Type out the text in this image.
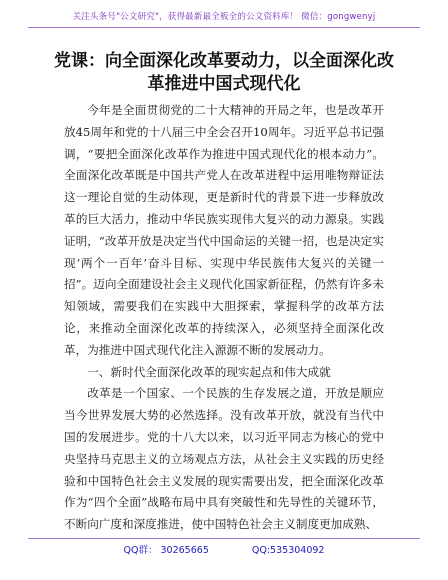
关注头条号"公文研究"，获得最新最全板全的公文资料库！ 微信：gongwenyj
党课：向全面深化改革要动力，以全面深化改
革推进中国式现代化

今年是全面贯彻党的二十大精神的开局之年，也是改革开放45周年和党的十八届三中全会召开10周年。习近平总书记强调，“要把全面深化改革作为推进中国式现代化的根本动力”。全面深化改革既是中国共产党人在改革进程中运用唯物辩证法这一理论自觉的生动体现，更是新时代的背景下进一步释放改革的巨大活力，推动中华民族实现伟大复兴的动力源泉。实践证明，“改革开放是决定当代中国命运的关键一招，也是决定实现‘两个一百年’奋斗目标、实现中华民族伟大复兴的关键一招”。迈向全面建设社会主义现代化国家新征程，仍然有许多未知领域，需要我们在实践中大胆探索，掌握科学的改革方法论，来推动全面深化改革的持续深入，必须坚持全面深化改革，为推进中国式现代化注入源源不断的发展动力。

一、新时代全面深化改革的现实起点和伟大成就

改革是一个国家、一个民族的生存发展之道，开放是顺应当今世界发展大势的必然选择。没有改革开放，就没有当代中国的发展进步。党的十八大以来，以习近平同志为核心的党中央坚持马克思主义的立场观点方法，从社会主义实践的历史经验和中国特色社会主义发展的现实需要出发，把全面深化改革作为“四个全面”战略布局中具有突破性和先导性的关键环节，不断向广度和深度推进，使中国特色社会主义制度更加成熟、

QQ群： 30265665	QQ:535304092
